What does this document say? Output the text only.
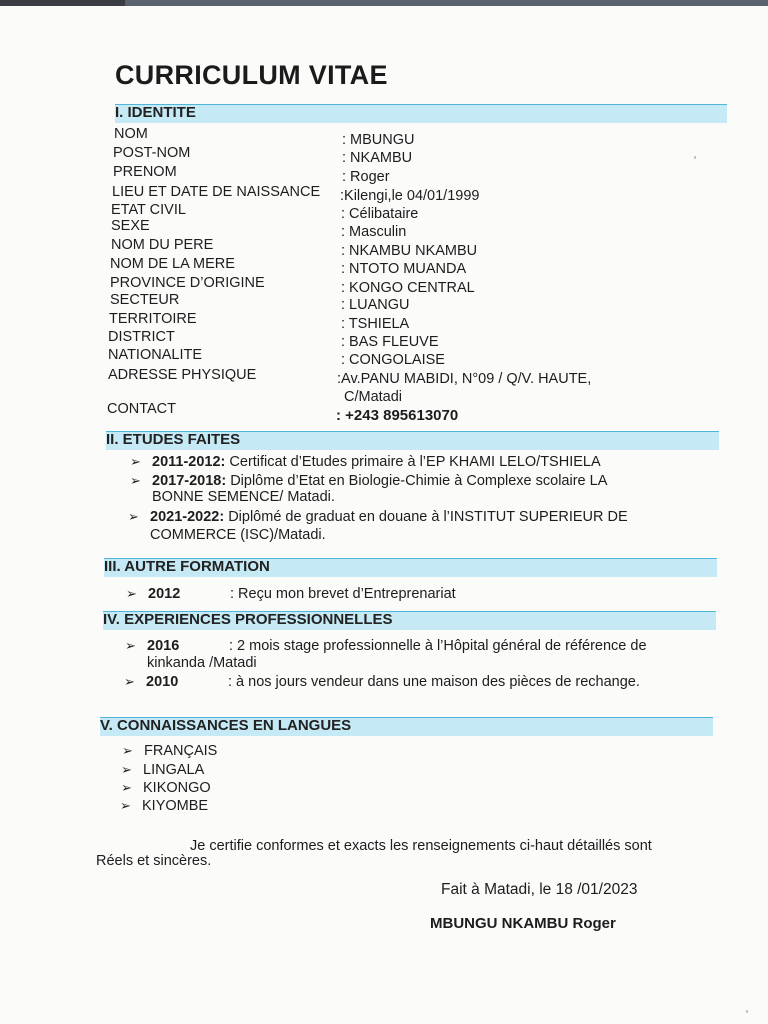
CURRICULUM VITAE
I. IDENTITE
NOM	: MBUNGU
POST-NOM	: NKAMBU
PRENOM	: Roger
LIEU ET DATE DE NAISSANCE :Kilengi,le 04/01/1999
ETAT CIVIL	: Célibataire
SEXE	: Masculin
NOM DU PERE	: NKAMBU NKAMBU
NOM DE LA MERE	: NTOTO MUANDA
PROVINCE D’ORIGINE	: KONGO CENTRAL
SECTEUR	: LUANGU
TERRITOIRE	: TSHIELA
DISTRICT	: BAS FLEUVE
NATIONALITE	: CONGOLAISE
ADRESSE PHYSIQUE	:Av.PANU MABIDI, N°09 / Q/V. HAUTE,
C/Matadi
CONTACT	: +243 895613070
II. ETUDES FAITES
➢ 2011-2012: Certificat d’Etudes primaire à l’EP KHAMI LELO/TSHIELA
➢ 2017-2018: Diplôme d’Etat en Biologie-Chimie à Complexe scolaire LA
BONNE SEMENCE/ Matadi.
➢ 2021-2022: Diplômé de graduat en douane à l’INSTITUT SUPERIEUR DE
COMMERCE (ISC)/Matadi.
III. AUTRE FORMATION
➢ 2012	: Reçu mon brevet d’Entreprenariat
IV. EXPERIENCES PROFESSIONNELLES
➢ 2016	: 2 mois stage professionnelle à l’Hôpital général de référence de
kinkanda /Matadi
➢ 2010	: à nos jours vendeur dans une maison des pièces de rechange.
V. CONNAISSANCES EN LANGUES
➢ FRANÇAIS
➢ LINGALA
➢ KIKONGO
➢ KIYOMBE
Je certifie conformes et exacts les renseignements ci-haut détaillés sont
Réels et sincères.
Fait à Matadi, le 18 /01/2023
MBUNGU NKAMBU Roger
